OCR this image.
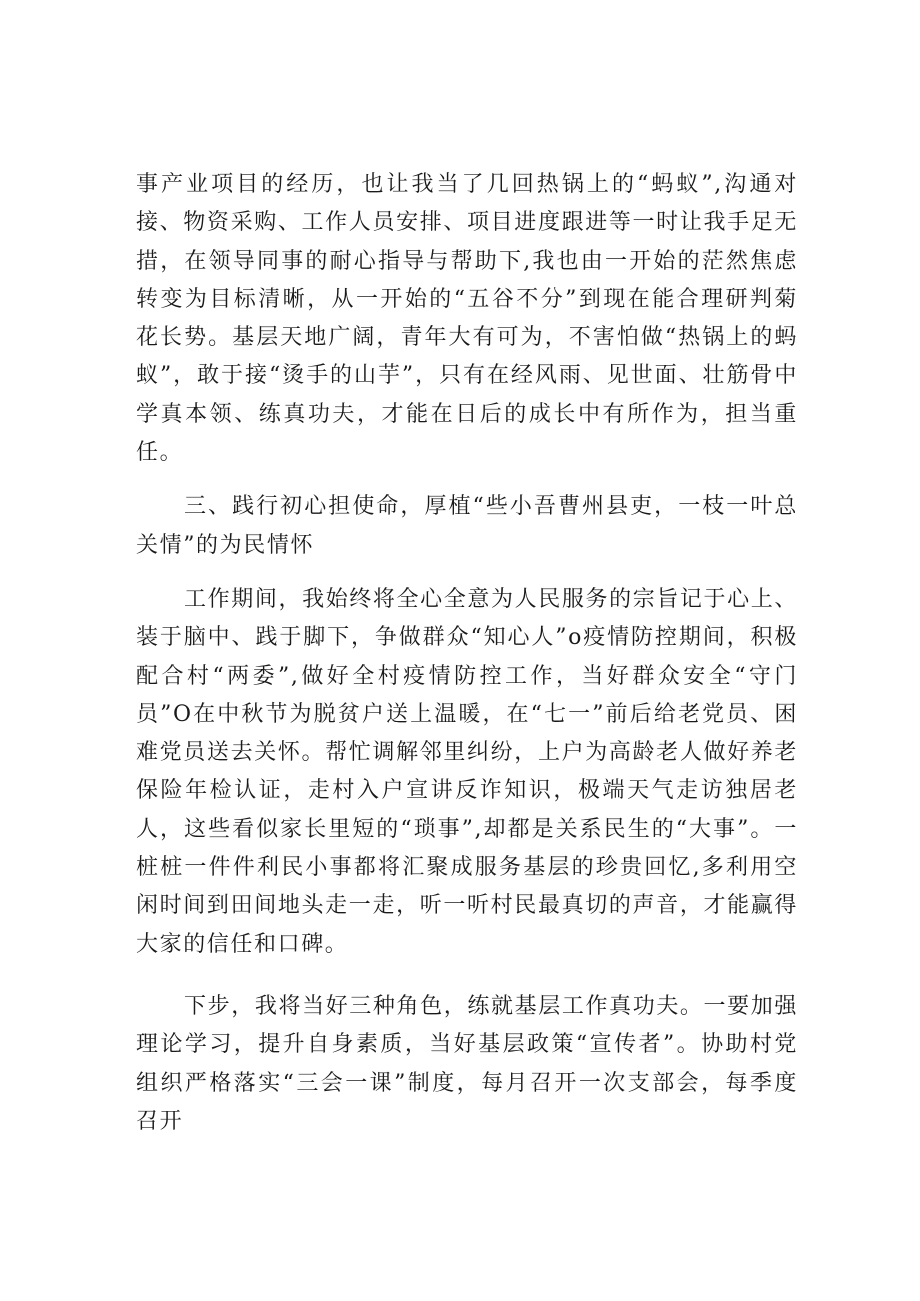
事产业项目的经历，也让我当了几回热锅上的“蚂蚁”,沟通对接、物资采购、工作人员安排、项目进度跟进等一时让我手足无措，在领导同事的耐心指导与帮助下,我也由一开始的茫然焦虑转变为目标清晰，从一开始的“五谷不分”到现在能合理研判菊花长势。基层天地广阔，青年大有可为，不害怕做“热锅上的蚂蚁”，敢于接“烫手的山芋”，只有在经风雨、见世面、壮筋骨中学真本领、练真功夫，才能在日后的成长中有所作为，担当重任。

三、践行初心担使命，厚植“些小吾曹州县吏，一枝一叶总关情”的为民情怀

工作期间，我始终将全心全意为人民服务的宗旨记于心上、装于脑中、践于脚下，争做群众“知心人”o疫情防控期间，积极配合村“两委”,做好全村疫情防控工作，当好群众安全“守门员”O在中秋节为脱贫户送上温暖，在“七一”前后给老党员、困难党员送去关怀。帮忙调解邻里纠纷，上户为高龄老人做好养老保险年检认证，走村入户宣讲反诈知识，极端天气走访独居老人，这些看似家长里短的“琐事”,却都是关系民生的“大事”。一桩桩一件件利民小事都将汇聚成服务基层的珍贵回忆,多利用空闲时间到田间地头走一走，听一听村民最真切的声音，才能赢得大家的信任和口碑。

下步，我将当好三种角色，练就基层工作真功夫。一要加强理论学习，提升自身素质，当好基层政策“宣传者”。协助村党组织严格落实“三会一课”制度，每月召开一次支部会，每季度召开
